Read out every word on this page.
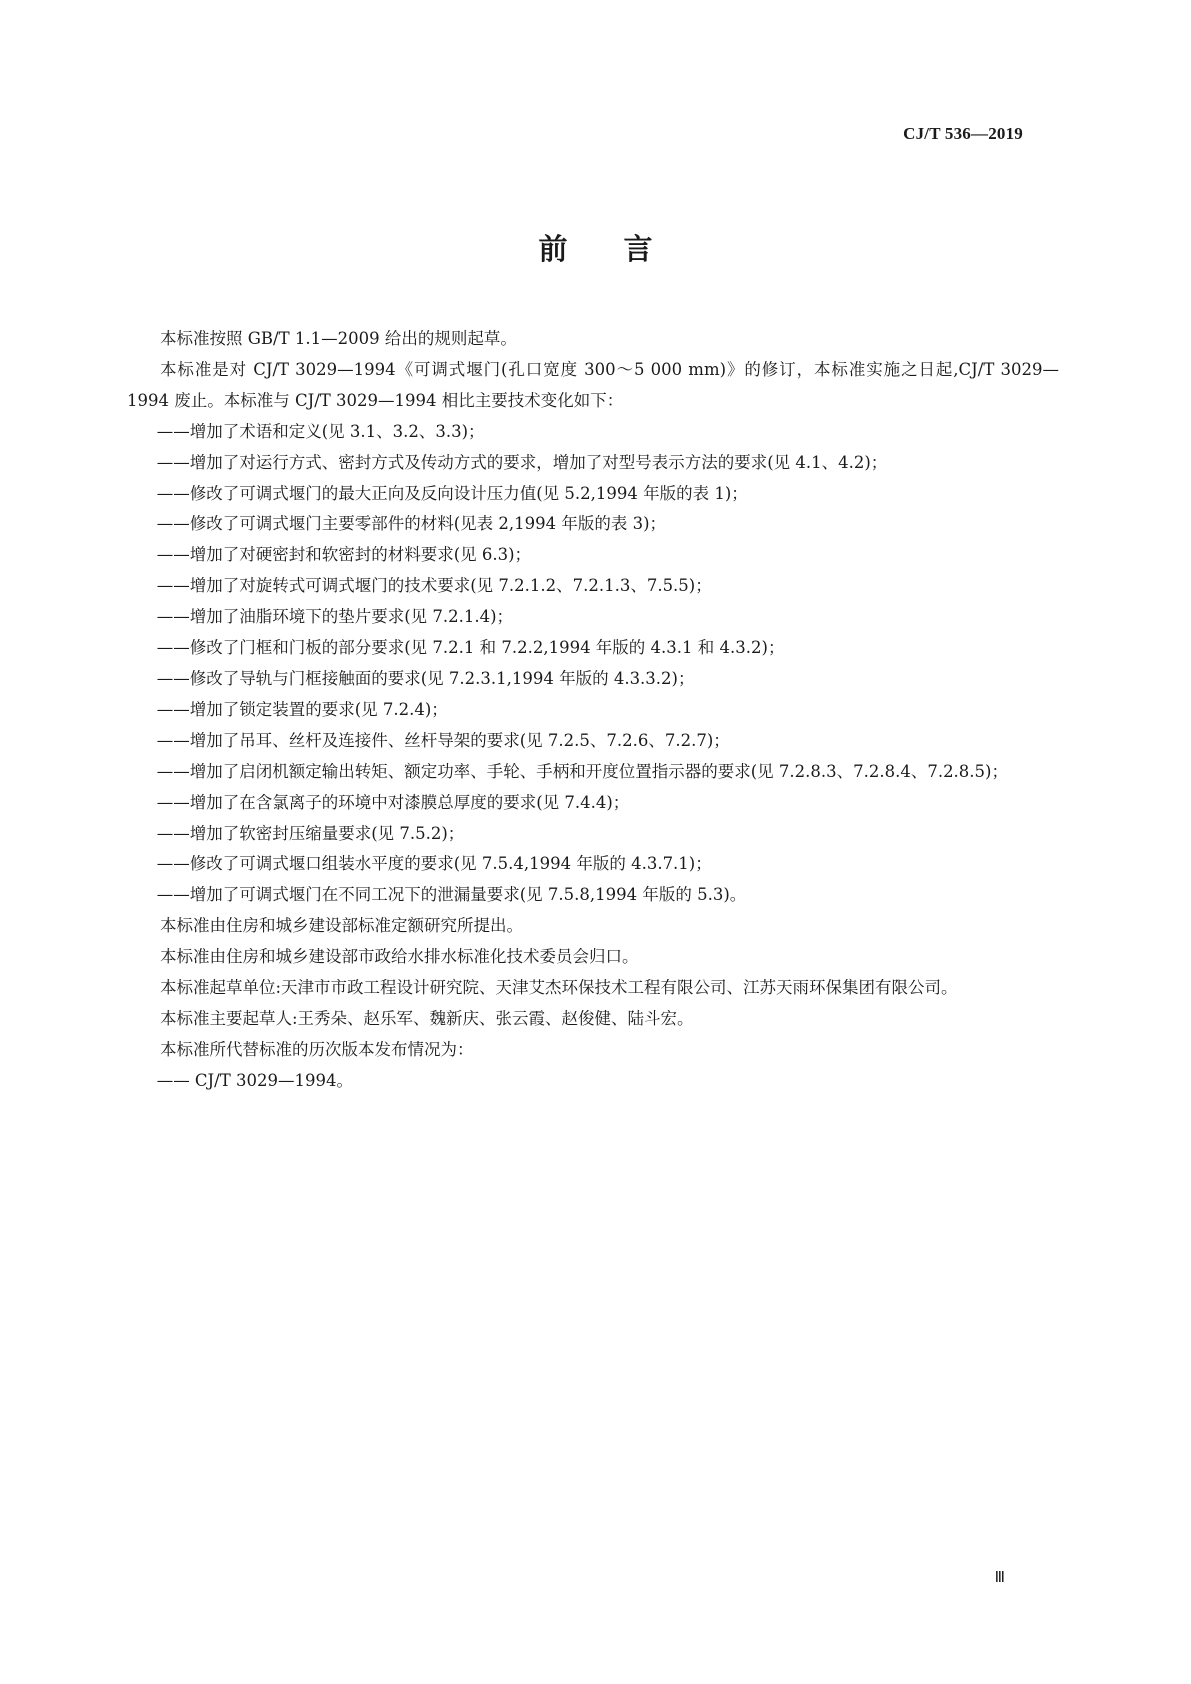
CJ/T 536—2019
前言

本标准按照 GB/T 1.1—2009 给出的规则起草。

本标准是对 CJ/T 3029—1994《可调式堰门(孔口宽度 300～5 000 mm)》的修订，本标准实施之日起,CJ/T 3029—1994 废止。本标准与 CJ/T 3029—1994 相比主要技术变化如下：

——增加了术语和定义(见 3.1、3.2、3.3)；

——增加了对运行方式、密封方式及传动方式的要求，增加了对型号表示方法的要求(见 4.1、4.2)；

——修改了可调式堰门的最大正向及反向设计压力值(见 5.2,1994 年版的表 1)；

——修改了可调式堰门主要零部件的材料(见表 2,1994 年版的表 3)；

——增加了对硬密封和软密封的材料要求(见 6.3)；

——增加了对旋转式可调式堰门的技术要求(见 7.2.1.2、7.2.1.3、7.5.5)；

——增加了油脂环境下的垫片要求(见 7.2.1.4)；

——修改了门框和门板的部分要求(见 7.2.1 和 7.2.2,1994 年版的 4.3.1 和 4.3.2)；

——修改了导轨与门框接触面的要求(见 7.2.3.1,1994 年版的 4.3.3.2)；

——增加了锁定装置的要求(见 7.2.4)；

——增加了吊耳、丝杆及连接件、丝杆导架的要求(见 7.2.5、7.2.6、7.2.7)；

——增加了启闭机额定输出转矩、额定功率、手轮、手柄和开度位置指示器的要求(见 7.2.8.3、7.2.8.4、7.2.8.5)；

——增加了在含氯离子的环境中对漆膜总厚度的要求(见 7.4.4)；

——增加了软密封压缩量要求(见 7.5.2)；

——修改了可调式堰口组装水平度的要求(见 7.5.4,1994 年版的 4.3.7.1)；

——增加了可调式堰门在不同工况下的泄漏量要求(见 7.5.8,1994 年版的 5.3)。

本标准由住房和城乡建设部标准定额研究所提出。

本标准由住房和城乡建设部市政给水排水标准化技术委员会归口。

本标准起草单位:天津市市政工程设计研究院、天津艾杰环保技术工程有限公司、江苏天雨环保集团有限公司。

本标准主要起草人:王秀朵、赵乐军、魏新庆、张云霞、赵俊健、陆斗宏。

本标准所代替标准的历次版本发布情况为：

—— CJ/T 3029—1994。

Ⅲ
